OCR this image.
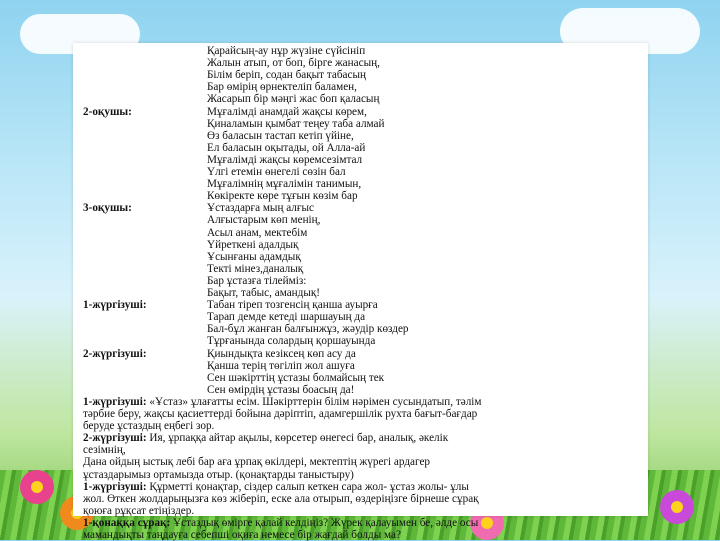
Қарайсың-ау нұр жүзіне сүйсініп
Жалын атып, от боп, бірге жанасың,
Білім беріп, содан бақыт табасың
Бар өмірің өрнектеліп баламен,
Жасарып бір мәңгі жас боп қаласың
2-оқушы:	Мұғалімді анамдай жақсы көрем,
Қиналамын қымбат теңеу таба алмай
Өз баласын тастап кетіп үйіне,
Ел баласын оқытады, ой Алла-ай
Мұғалімді жақсы көремсезімтал
Үлгі етемін өнегелі сөзін бал
Мұғалімнің мұғалімін танимын,
Көкіректе көре тұғын көзім бар
3-оқушы:	Ұстаздарға мың алғыс
Алғыстарым көп менің,
Асыл анам, мектебім
Үйреткені адалдық
Ұсынғаны адамдық
Тектi мінез,даналық
Бар ұстазға тілейміз:
Бақыт, табыс, амандық!
1-жүргізуші:	Табан тіреп тозгенсің қанша ауырға
Тарап демде кетеді шаршауың да
Бал-бұл жанған балғынжұз, жәудір көздер
Тұрғанында солардың қоршауында
2-жүргізуші:	Қиындықта кезіксең көп асу да
Қанша терің төгіліп жол ашуға
Сен шәкірттің ұстазы болмайсың тек
Сен өмірдің ұстазы боасың да!
1-жүргізуші: «Ұстаз» ұлағатты есім. Шәкірттерін білім нәрімен сусындатып, тәлім
тәрбие беру, жақсы қасиеттерді бойына дәріптіп, адамгершілік рухта бағыт-бағдар
беруде ұстаздың еңбегі зор.
2-жүргізуші: Ия, ұрпаққа айтар ақылы, көрсетер өнегесі бар, аналық, әкелік
сезімнің,
Дана ойдың ыстық лебі бар аға ұрпақ өкілдері, мектептің жүрегі ардагер
ұстаздарымыз ортамызда отыр. (қонақтарды таныстыру)
1-жүргізуші: Құрметті қонақтар, сіздер салып кеткен сара жол- ұстаз жолы- ұлы
жол. Өткен жолдарыңызға көз жіберіп, еске ала отырып, өздеріңізге бірнеше сұрақ
қоюға рұқсат етіңіздер.
1-қонаққа сұрақ: Ұстаздық өмірге қалай келдіңіз? Жүрек қалауымен бе, әлде осы
мамандықты таңдауға себепші оқиға немесе бір жағдай болды ма?
